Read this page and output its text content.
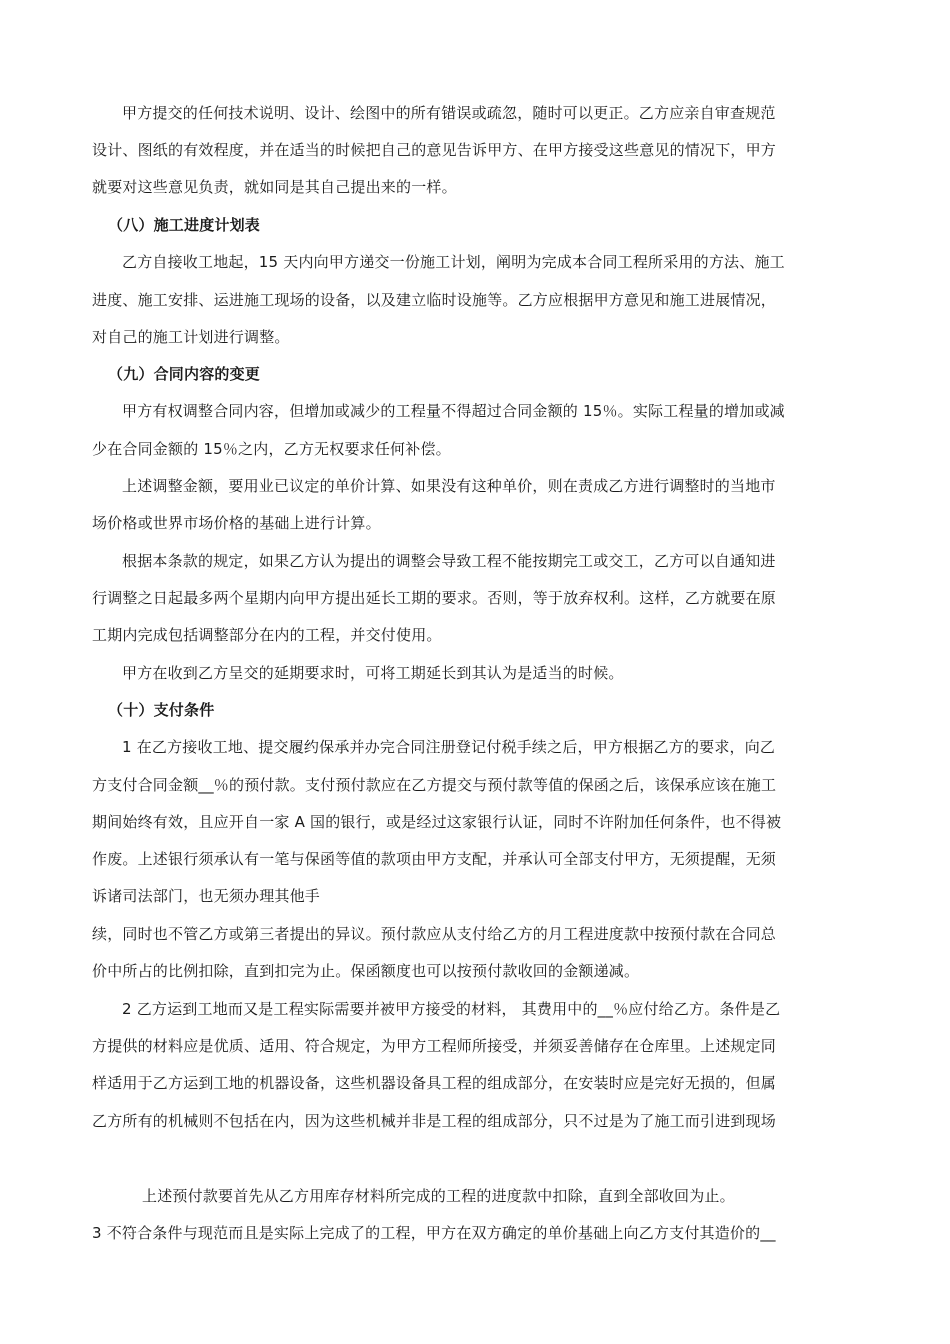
甲方提交的任何技术说明、设计、绘图中的所有错误或疏忽，随时可以更正。乙方应亲自审查规范
设计、图纸的有效程度，并在适当的时候把自己的意见告诉甲方、在甲方接受这些意见的情况下，甲方
就要对这些意见负责，就如同是其自己提出来的一样。
（八）施工进度计划表
乙方自接收工地起，15 天内向甲方递交一份施工计划，阐明为完成本合同工程所采用的方法、施工
进度、施工安排、运进施工现场的设备，以及建立临时设施等。乙方应根据甲方意见和施工进展情况，
对自己的施工计划进行调整。
（九）合同内容的变更
甲方有权调整合同内容，但增加或减少的工程量不得超过合同金额的 15％。实际工程量的增加或减
少在合同金额的 15％之内，乙方无权要求任何补偿。
上述调整金额，要用业已议定的单价计算、如果没有这种单价，则在责成乙方进行调整时的当地市
场价格或世界市场价格的基础上进行计算。
根据本条款的规定，如果乙方认为提出的调整会导致工程不能按期完工或交工，乙方可以自通知进
行调整之日起最多两个星期内向甲方提出延长工期的要求。否则，等于放弃权利。这样，乙方就要在原
工期内完成包括调整部分在内的工程，并交付使用。
甲方在收到乙方呈交的延期要求时，可将工期延长到其认为是适当的时候。
（十）支付条件
1 在乙方接收工地、提交履约保承并办完合同注册登记付税手续之后，甲方根据乙方的要求，向乙
方支付合同金额__％的预付款。支付预付款应在乙方提交与预付款等值的保函之后，该保承应该在施工
期间始终有效，且应开自一家 A 国的银行，或是经过这家银行认证，同时不许附加任何条件，也不得被
作废。上述银行须承认有一笔与保函等值的款项由甲方支配，并承认可全部支付甲方，无须提醒，无须
诉诸司法部门，也无须办理其他手
续，同时也不管乙方或第三者提出的异议。预付款应从支付给乙方的月工程进度款中按预付款在合同总
价中所占的比例扣除，直到扣完为止。保函额度也可以按预付款收回的金额递减。
2 乙方运到工地而又是工程实际需要并被甲方接受的材料， 其费用中的__％应付给乙方。条件是乙
方提供的材料应是优质、适用、符合规定，为甲方工程师所接受，并须妥善储存在仓库里。上述规定同
样适用于乙方运到工地的机器设备，这些机器设备具工程的组成部分，在安装时应是完好无损的，但属
乙方所有的机械则不包括在内，因为这些机械并非是工程的组成部分，只不过是为了施工而引进到现场
上述预付款要首先从乙方用库存材料所完成的工程的进度款中扣除，直到全部收回为止。
3 不符合条件与现范而且是实际上完成了的工程，甲方在双方确定的单价基础上向乙方支付其造价的__
